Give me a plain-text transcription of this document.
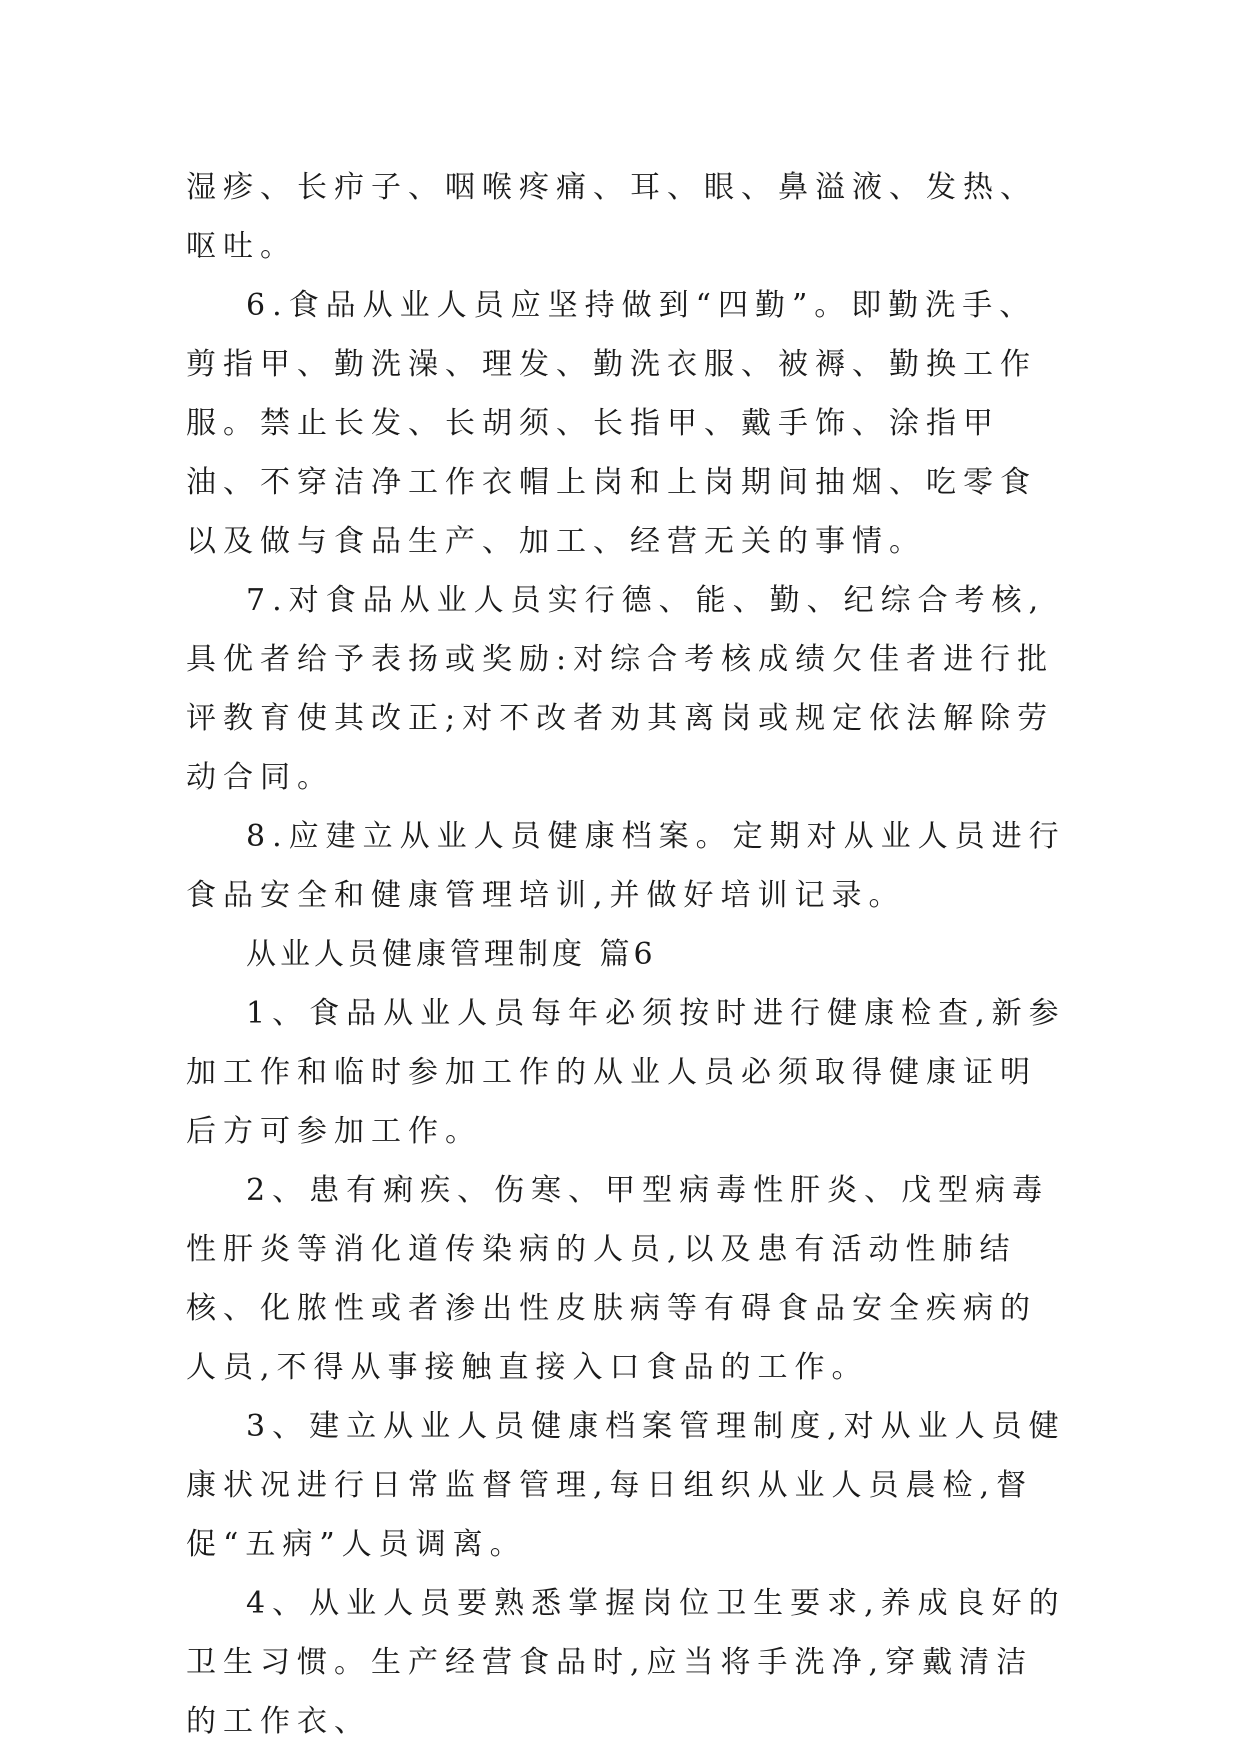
湿疹、长疖子、咽喉疼痛、耳、眼、鼻溢液、发热、呕吐。

6.食品从业人员应坚持做到“四勤”。即勤洗手、剪指甲、勤洗澡、理发、勤洗衣服、被褥、勤换工作服。禁止长发、长胡须、长指甲、戴手饰、涂指甲油、不穿洁净工作衣帽上岗和上岗期间抽烟、吃零食以及做与食品生产、加工、经营无关的事情。

7.对食品从业人员实行德、能、勤、纪综合考核,具优者给予表扬或奖励:对综合考核成绩欠佳者进行批评教育使其改正;对不改者劝其离岗或规定依法解除劳动合同。

8.应建立从业人员健康档案。定期对从业人员进行食品安全和健康管理培训,并做好培训记录。

从业人员健康管理制度 篇6

1、食品从业人员每年必须按时进行健康检查,新参加工作和临时参加工作的从业人员必须取得健康证明后方可参加工作。

2、患有痢疾、伤寒、甲型病毒性肝炎、戊型病毒性肝炎等消化道传染病的人员,以及患有活动性肺结核、化脓性或者渗出性皮肤病等有碍食品安全疾病的人员,不得从事接触直接入口食品的工作。

3、建立从业人员健康档案管理制度,对从业人员健康状况进行日常监督管理,每日组织从业人员晨检,督促“五病”人员调离。

4、从业人员要熟悉掌握岗位卫生要求,养成良好的卫生习惯。生产经营食品时,应当将手洗净,穿戴清洁的工作衣、
